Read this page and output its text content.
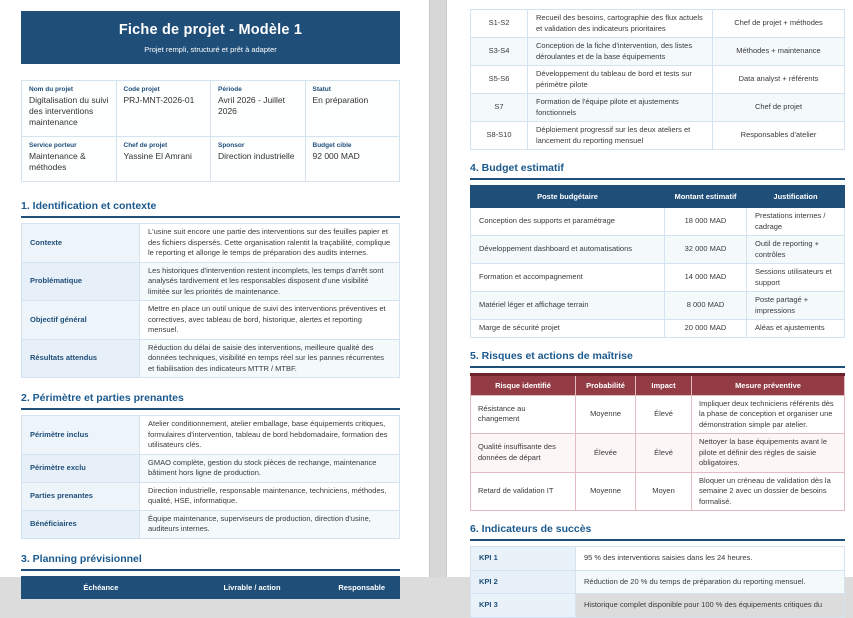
Fiche de projet - Modèle 1
Projet rempli, structuré et prêt à adapter
Nom du projet
Digitalisation du suivi des interventions maintenance

Code projet
PRJ-MNT-2026-01

Période
Avril 2026 - Juillet 2026

Statut
En préparation

Service porteur
Maintenance & méthodes

Chef de projet
Yassine El Amrani

Sponsor
Direction industrielle

Budget cible
92 000 MAD
1. Identification et contexte
Contexte	L'usine suit encore une partie des interventions sur des feuilles papier et des fichiers dispersés. Cette organisation ralentit la traçabilité, complique le reporting et allonge le temps de préparation des audits internes.
Problématique	Les historiques d'intervention restent incomplets, les temps d'arrêt sont analysés tardivement et les responsables disposent d'une visibilité limitée sur les priorités de maintenance.
Objectif général	Mettre en place un outil unique de suivi des interventions préventives et correctives, avec tableau de bord, historique, alertes et reporting mensuel.
Résultats attendus	Réduction du délai de saisie des interventions, meilleure qualité des données techniques, visibilité en temps réel sur les pannes récurrentes et fiabilisation des indicateurs MTTR / MTBF.
2. Périmètre et parties prenantes
Périmètre inclus	Atelier conditionnement, atelier emballage, base équipements critiques, formulaires d'intervention, tableau de bord hebdomadaire, formation des utilisateurs clés.
Périmètre exclu	GMAO complète, gestion du stock pièces de rechange, maintenance bâtiment hors ligne de production.
Parties prenantes	Direction industrielle, responsable maintenance, techniciens, méthodes, qualité, HSE, informatique.
Bénéficiaires	Équipe maintenance, superviseurs de production, direction d'usine, auditeurs internes.
3. Planning prévisionnel
Échéance	Livrable / action	Responsable
S1-S2	Recueil des besoins, cartographie des flux actuels et validation des indicateurs prioritaires	Chef de projet + méthodes
S3-S4	Conception de la fiche d'intervention, des listes déroulantes et de la base équipements	Méthodes + maintenance
S5-S6	Développement du tableau de bord et tests sur périmètre pilote	Data analyst + référents
S7	Formation de l'équipe pilote et ajustements fonctionnels	Chef de projet
S8-S10	Déploiement progressif sur les deux ateliers et lancement du reporting mensuel	Responsables d'atelier
4. Budget estimatif
Poste budgétaire	Montant estimatif	Justification
Conception des supports et paramétrage	18 000 MAD	Prestations internes / cadrage
Développement dashboard et automatisations	32 000 MAD	Outil de reporting + contrôles
Formation et accompagnement	14 000 MAD	Sessions utilisateurs et support
Matériel léger et affichage terrain	8 000 MAD	Poste partagé + impressions
Marge de sécurité projet	20 000 MAD	Aléas et ajustements
5. Risques et actions de maîtrise
Risque identifié	Probabilité	Impact	Mesure préventive
Résistance au changement	Moyenne	Élevé	Impliquer deux techniciens référents dès la phase de conception et organiser une démonstration simple par atelier.
Qualité insuffisante des données de départ	Élevée	Élevé	Nettoyer la base équipements avant le pilote et définir des règles de saisie obligatoires.
Retard de validation IT	Moyenne	Moyen	Bloquer un créneau de validation dès la semaine 2 avec un dossier de besoins formalisé.
6. Indicateurs de succès
KPI 1	95 % des interventions saisies dans les 24 heures.
KPI 2	Réduction de 20 % du temps de préparation du reporting mensuel.
KPI 3	Historique complet disponible pour 100 % des équipements critiques du
